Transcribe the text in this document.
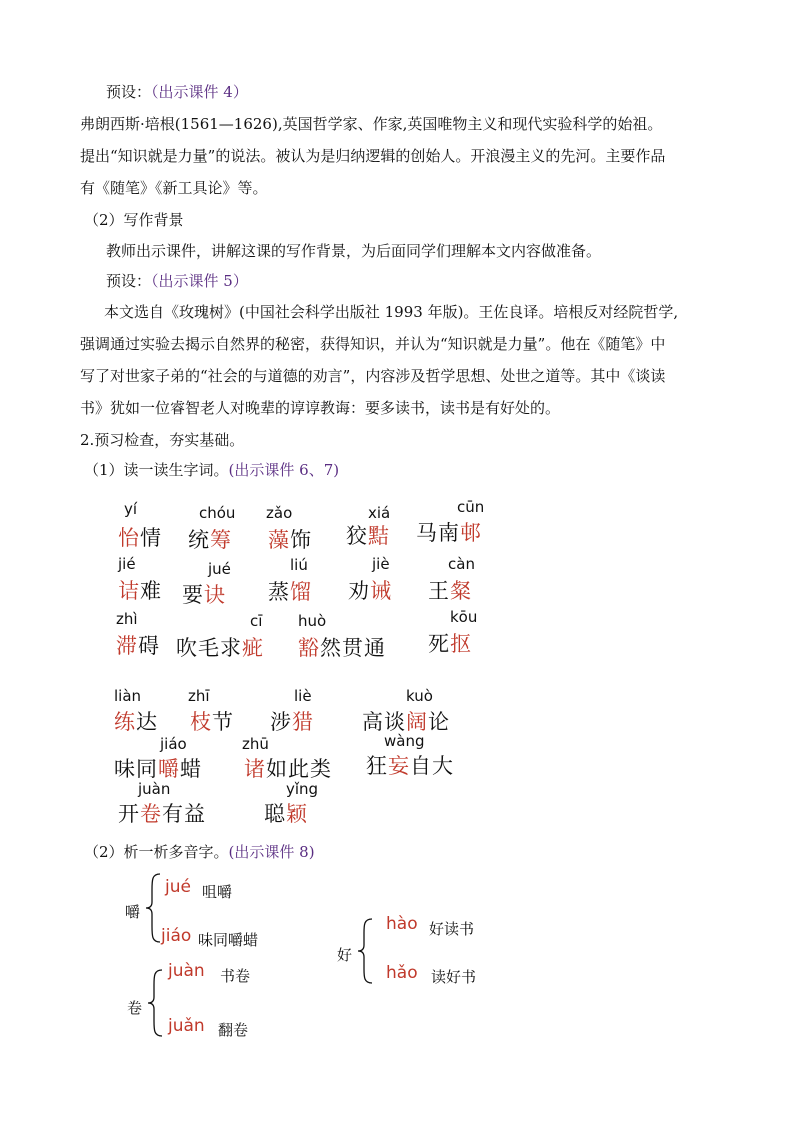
预设：（出示课件 4）
弗朗西斯·培根(1561—1626),英国哲学家、作家,英国唯物主义和现代实验科学的始祖。
提出“知识就是力量”的说法。被认为是归纳逻辑的创始人。开浪漫主义的先河。主要作品
有《随笔》《新工具论》等。
（2）写作背景
教师出示课件，讲解这课的写作背景，为后面同学们理解本文内容做准备。
预设：（出示课件 5）
本文选自《玫瑰树》(中国社会科学出版社 1993 年版)。王佐良译。培根反对经院哲学,
强调通过实验去揭示自然界的秘密，获得知识，并认为“知识就是力量”。他在《随笔》中
写了对世家子弟的“社会的与道德的劝言”，内容涉及哲学思想、处世之道等。其中《谈读
书》犹如一位睿智老人对晚辈的谆谆教诲：要多读书，读书是有好处的。
2.预习检查，夯实基础。
（1）读一读生字词。(出示课件 6、7)
yí
怡情
chóu
统筹
zǎo
藻饰
xiá
狡黠
cūn
马南邨
jié
诘难
jué
要诀
liú
蒸馏
jiè
劝诫
càn
王粲
zhì
滞碍
cī
吹毛求疵
huò
豁然贯通
kōu
死抠
liàn
练达
zhī
枝节
liè
涉猎
kuò
高谈阔论
jiáo
味同嚼蜡
zhū
诸如此类
wàng
狂妄自大
juàn
开卷有益
yǐng
聪颖
（2）析一析多音字。(出示课件 8)
嚼
jué 咀嚼
jiáo 味同嚼蜡
好
hào 好读书
hǎo 读好书
卷
juàn 书卷
juǎn 翻卷
